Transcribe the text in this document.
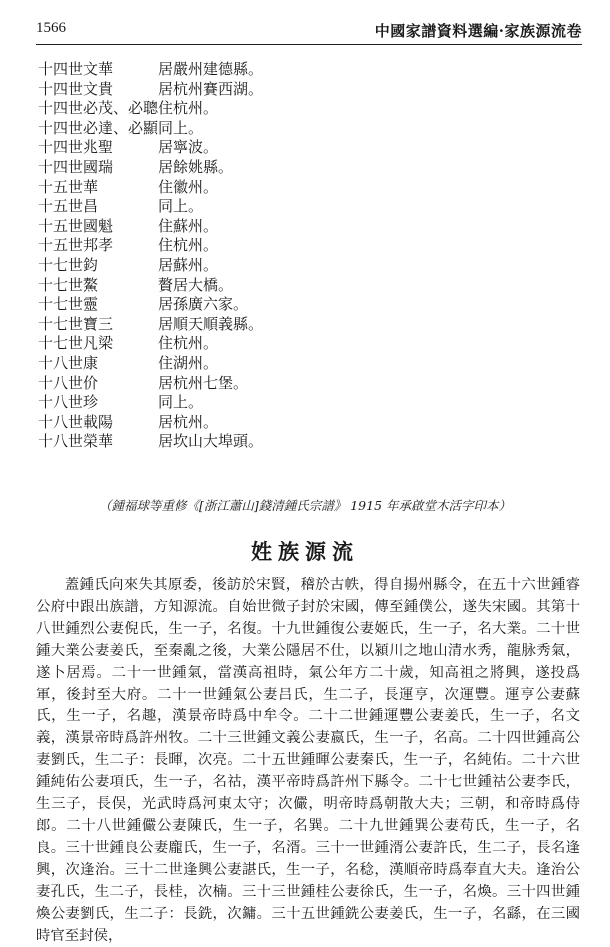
1566	中國家譜資料選編·家族源流卷
十四世文華	居嚴州建德縣。
十四世文貴	居杭州賽西湖。
十四世必茂、必聰 住杭州。
十四世必達、必顯 同上。
十四世兆聖	居寧波。
十四世國瑞	居餘姚縣。
十五世華	住徽州。
十五世昌	同上。
十五世國魁	住蘇州。
十五世邦孝	住杭州。
十七世鈞	居蘇州。
十七世鰲	贅居大橋。
十七世靈	居孫廣六家。
十七世寶三	居順天順義縣。
十七世凡梁	住杭州。
十八世康	住湖州。
十八世价	居杭州七堡。
十八世珍	同上。
十八世載陽	居杭州。
十八世榮華	居坎山大埠頭。
（鍾福球等重修《[浙江蕭山]錢清鍾氏宗譜》 1915 年承啟堂木活字印本）
姓族源流
蓋鍾氏向來失其原委，後訪於宋賢，稽於古帙，得自揚州縣令，在五十六世鍾睿公府中跟出族譜，方知源流。自始世微子封於宋國，傳至鍾僕公，遂失宋國。其第十八世鍾烈公妻倪氏，生一子，名復。十九世鍾復公妻姬氏，生一子，名大業。二十世鍾大業公妻姜氏，至秦亂之後，大業公隱居不仕，以潁川之地山清水秀，龍脉秀氣，遂卜居焉。二十一世鍾氣，當漢高祖時，氣公年方二十歲，知高祖之將興，遂投爲軍，後封至大府。二十一世鍾氣公妻吕氏，生二子，長運亨，次運豐。運亨公妻蘇氏，生一子，名趣，漢景帝時爲中牟令。二十二世鍾運豐公妻姜氏，生一子，名文義，漢景帝時爲許州牧。二十三世鍾文義公妻嬴氏，生一子，名高。二十四世鍾高公妻劉氏，生二子：長暉，次亮。二十五世鍾暉公妻秦氏，生一子，名純佑。二十六世鍾純佑公妻項氏，生一子，名祜，漢平帝時爲許州下縣令。二十七世鍾祜公妻李氏，生三子，長俣，光武時爲河東太守；次儼，明帝時爲朝散大夫；三朝，和帝時爲侍郎。二十八世鍾儼公妻陳氏，生一子，名巽。二十九世鍾巽公妻苟氏，生一子，名良。三十世鍾良公妻龐氏，生一子，名湑。三十一世鍾湑公妻許氏，生二子，長名逢興，次逢治。三十二世逢興公妻諶氏，生一子，名稔，漢順帝時爲奉直大夫。逢治公妻孔氏，生二子，長桂，次楠。三十三世鍾桂公妻徐氏，生一子，名煥。三十四世鍾煥公妻劉氏，生二子：長銑，次鏞。三十五世鍾銑公妻姜氏，生一子，名繇，在三國時官至封侯，
